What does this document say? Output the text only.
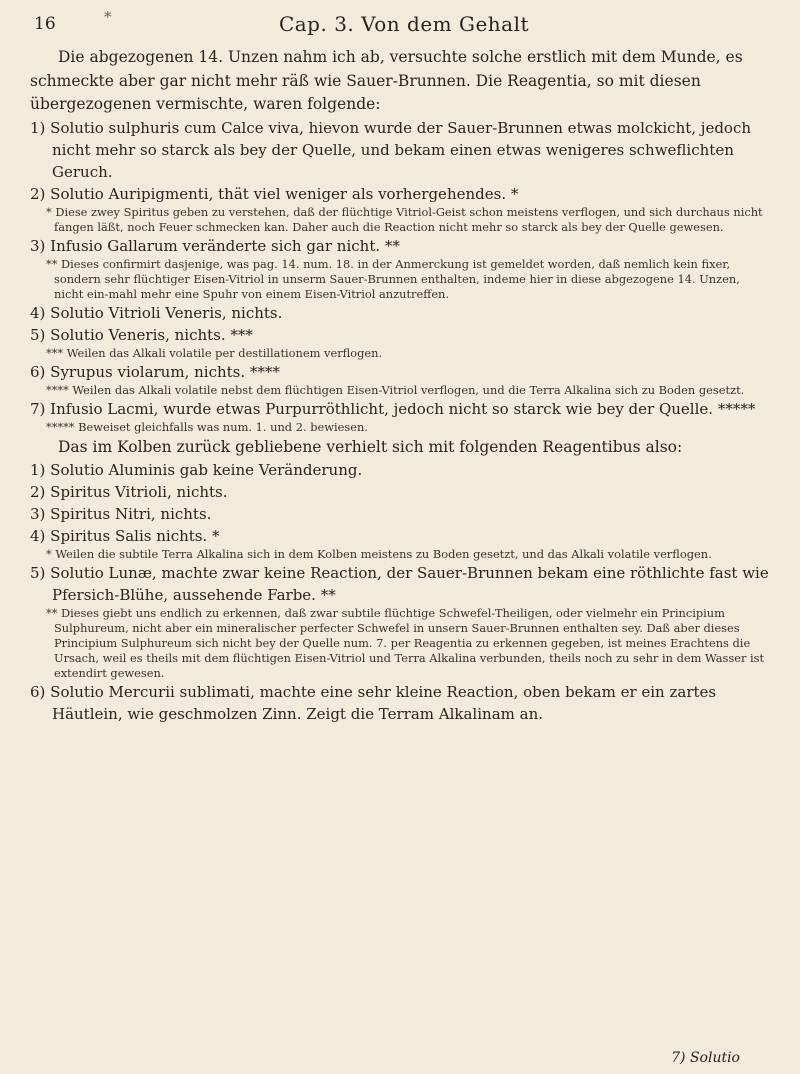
*
16	Cap. 3. Von dem Gehalt

Die abgezogenen 14. Unzen nahm ich ab, versuchte solche erstlich mit dem Munde, es schmeckte aber gar nicht mehr räß wie Sauer-Brunnen. Die Reagentia, so mit diesen übergezogenen vermischte, waren folgende:

1) Solutio sulphuris cum Calce viva, hievon wurde der Sauer-Brunnen etwas molckicht, jedoch nicht mehr so starck als bey der Quelle, und bekam einen etwas wenigeres schweflichten Geruch.

2) Solutio Auripigmenti, thät viel weniger als vorhergehendes. *

* Diese zwey Spiritus geben zu verstehen, daß der flüchtige Vitriol-Geist schon meistens verflogen, und sich durchaus nicht fangen läßt, noch Feuer schmecken kan. Daher auch die Reaction nicht mehr so starck als bey der Quelle gewesen.

3) Infusio Gallarum veränderte sich gar nicht. **

** Dieses confirmirt dasjenige, was pag. 14. num. 18. in der Anmerckung ist gemeldet worden, daß nemlich kein fixer, sondern sehr flüchtiger Eisen-Vitriol in unserm Sauer-Brunnen enthalten, indeme hier in diese abgezogene 14. Unzen, nicht ein-mahl mehr eine Spuhr von einem Eisen-Vitriol anzutreffen.

4) Solutio Vitrioli Veneris, nichts.

5) Solutio Veneris, nichts. ***

*** Weilen das Alkali volatile per destillationem verflogen.

6) Syrupus violarum, nichts. ****

**** Weilen das Alkali volatile nebst dem flüchtigen Eisen-Vitriol verflogen, und die Terra Alkalina sich zu Boden gesetzt.

7) Infusio Lacmi, wurde etwas Purpurröthlicht, jedoch nicht so starck wie bey der Quelle. *****

***** Beweiset gleichfalls was num. 1. und 2. bewiesen.

Das im Kolben zurück gebliebene verhielt sich mit folgenden Reagentibus also:

1) Solutio Aluminis gab keine Veränderung.

2) Spiritus Vitrioli, nichts.

3) Spiritus Nitri, nichts.

4) Spiritus Salis nichts. *

* Weilen die subtile Terra Alkalina sich in dem Kolben meistens zu Boden gesetzt, und das Alkali volatile verflogen.

5) Solutio Lunæ, machte zwar keine Reaction, der Sauer-Brunnen bekam eine röthlichte fast wie Pfersich-Blühe, aussehende Farbe. **

** Dieses giebt uns endlich zu erkennen, daß zwar subtile flüchtige Schwefel-Theiligen, oder vielmehr ein Principium Sulphureum, nicht aber ein mineralischer perfecter Schwefel in unsern Sauer-Brunnen enthalten sey. Daß aber dieses Principium Sulphureum sich nicht bey der Quelle num. 7. per Reagentia zu erkennen gegeben, ist meines Erachtens die Ursach, weil es theils mit dem flüchtigen Eisen-Vitriol und Terra Alkalina verbunden, theils noch zu sehr in dem Wasser ist extendirt gewesen.

6) Solutio Mercurii sublimati, machte eine sehr kleine Reaction, oben bekam er ein zartes Häutlein, wie geschmolzen Zinn. Zeigt die Terram Alkalinam an.

7) Solutio
